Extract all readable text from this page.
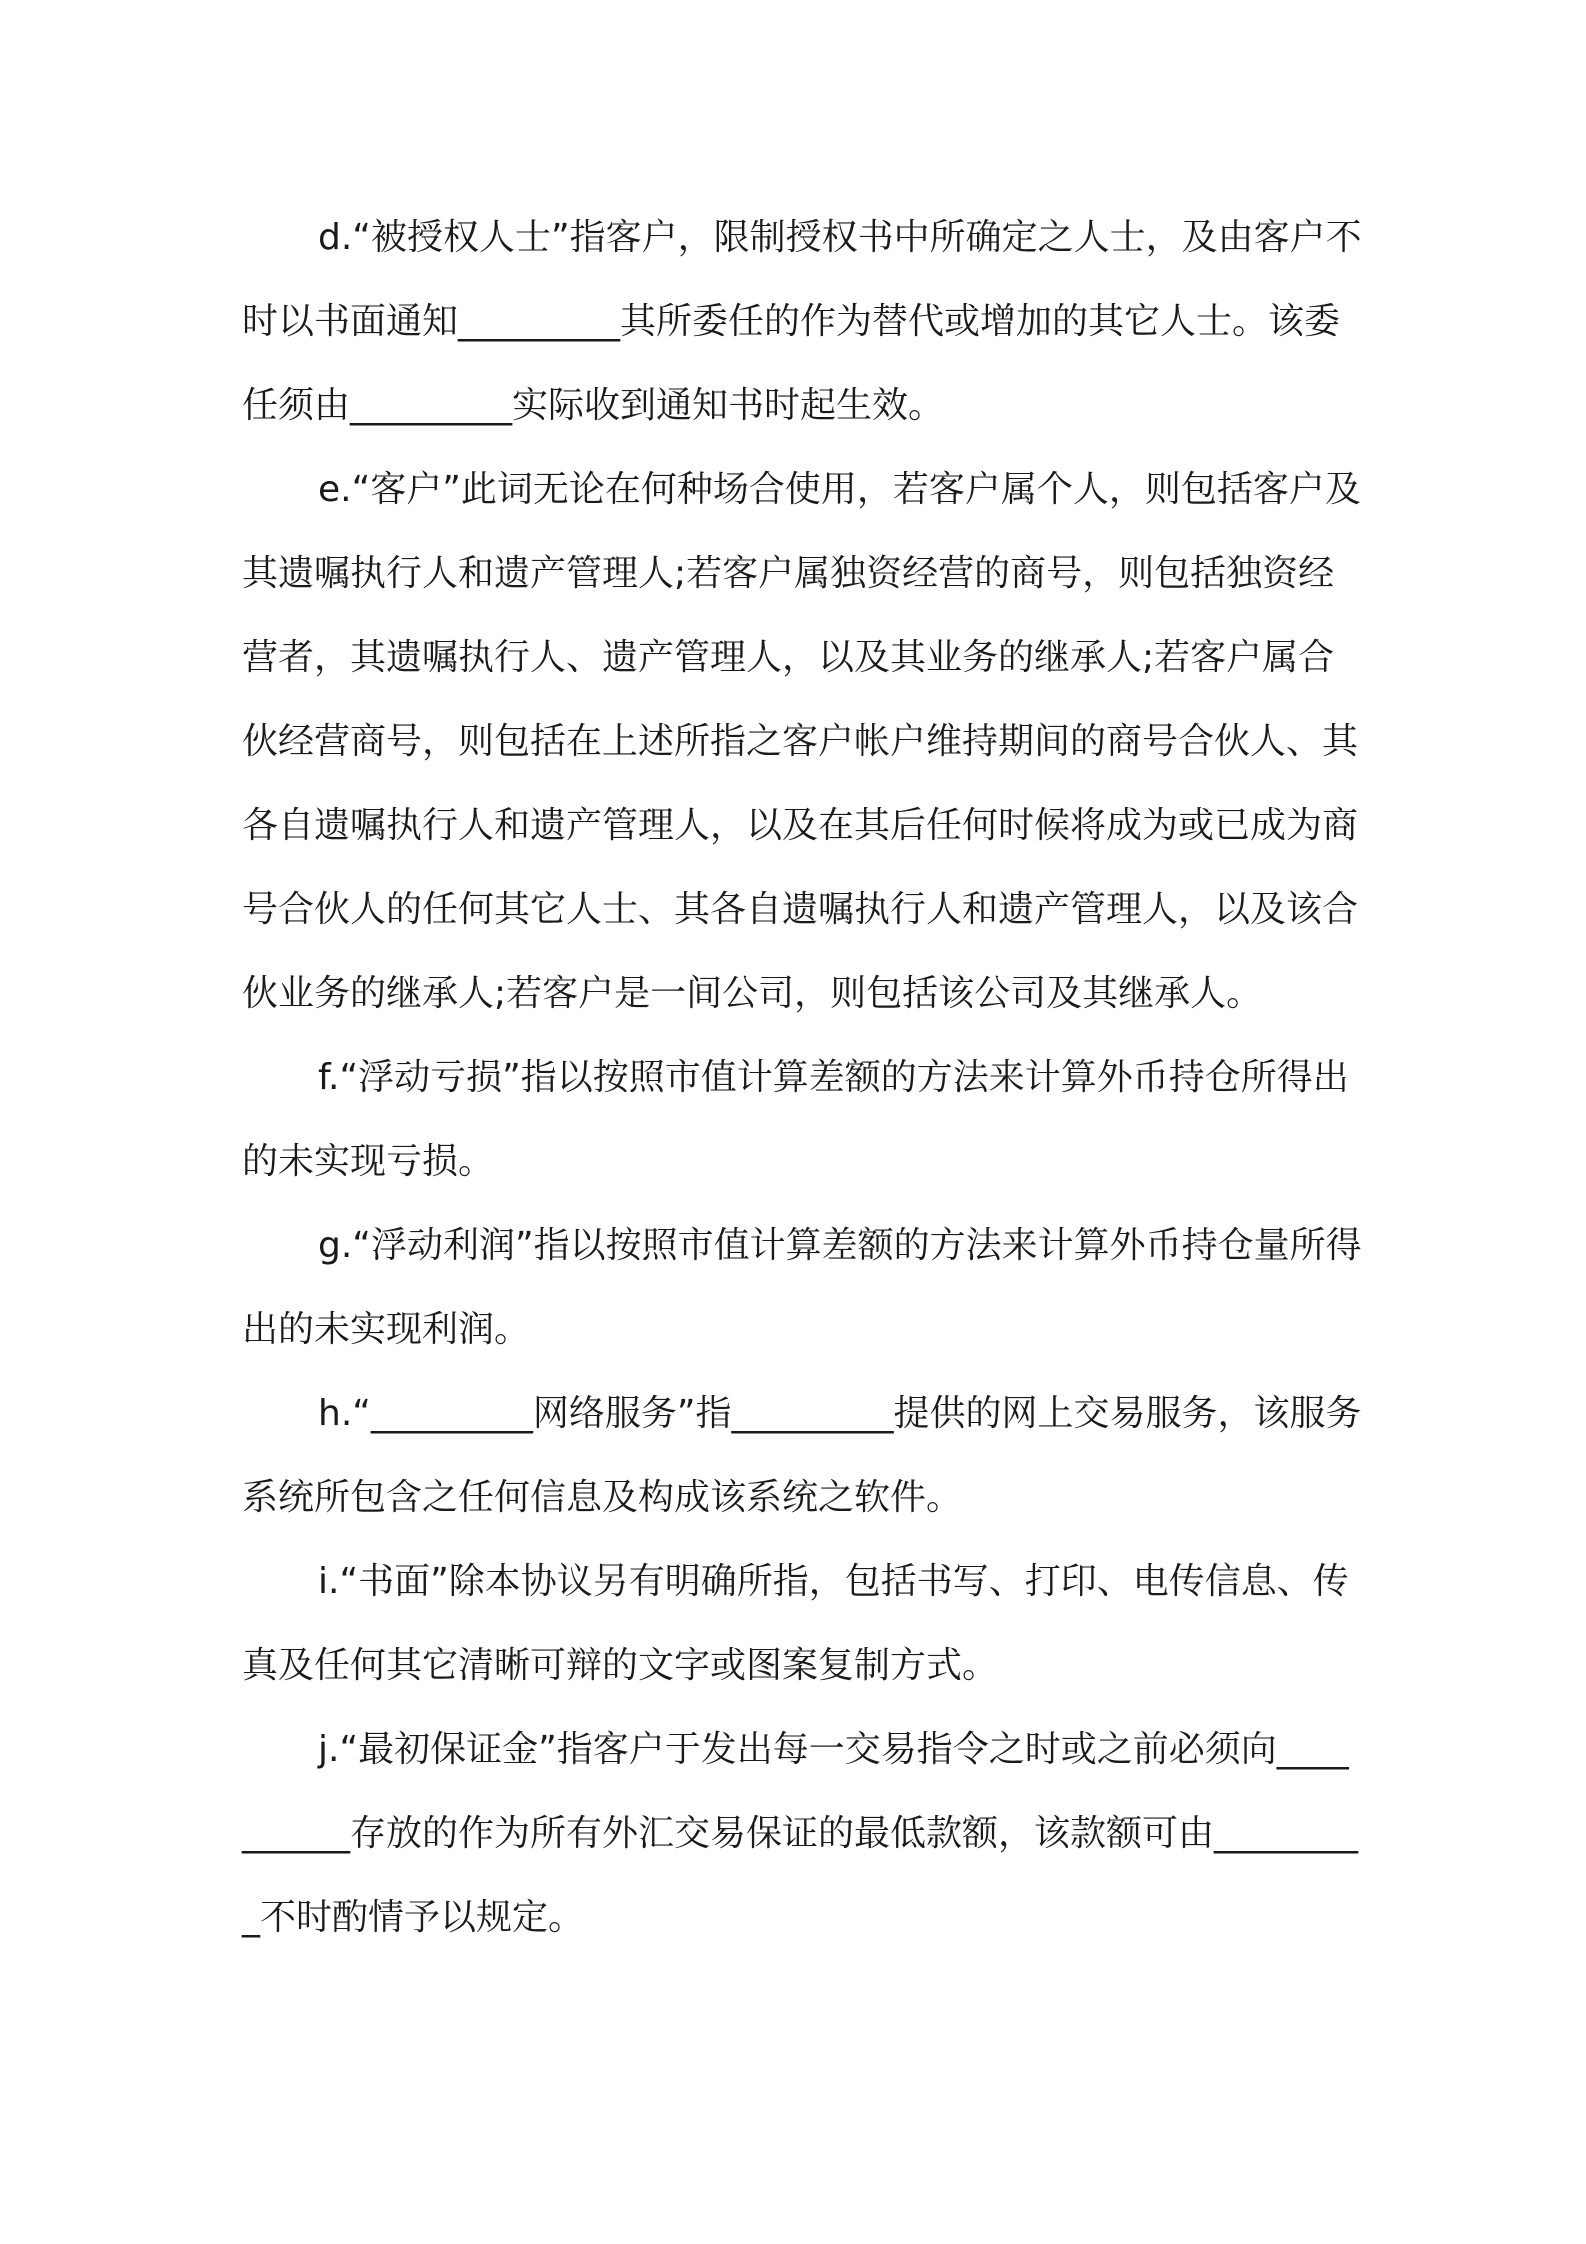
d.“被授权人士”指客户，限制授权书中所确定之人士，及由客户不时以书面通知_________其所委任的作为替代或增加的其它人士。该委任须由_________实际收到通知书时起生效。

e.“客户”此词无论在何种场合使用，若客户属个人，则包括客户及其遗嘱执行人和遗产管理人;若客户属独资经营的商号，则包括独资经营者，其遗嘱执行人、遗产管理人，以及其业务的继承人;若客户属合伙经营商号，则包括在上述所指之客户帐户维持期间的商号合伙人、其各自遗嘱执行人和遗产管理人，以及在其后任何时候将成为或已成为商号合伙人的任何其它人士、其各自遗嘱执行人和遗产管理人，以及该合伙业务的继承人;若客户是一间公司，则包括该公司及其继承人。

f.“浮动亏损”指以按照市值计算差额的方法来计算外币持仓所得出的未实现亏损。

g.“浮动利润”指以按照市值计算差额的方法来计算外币持仓量所得出的未实现利润。

h.“_________网络服务”指_________提供的网上交易服务，该服务系统所包含之任何信息及构成该系统之软件。

i.“书面”除本协议另有明确所指，包括书写、打印、电传信息、传真及任何其它清晰可辩的文字或图案复制方式。

j.“最初保证金”指客户于发出每一交易指令之时或之前必须向__________存放的作为所有外汇交易保证的最低款额，该款额可由_________不时酌情予以规定。
